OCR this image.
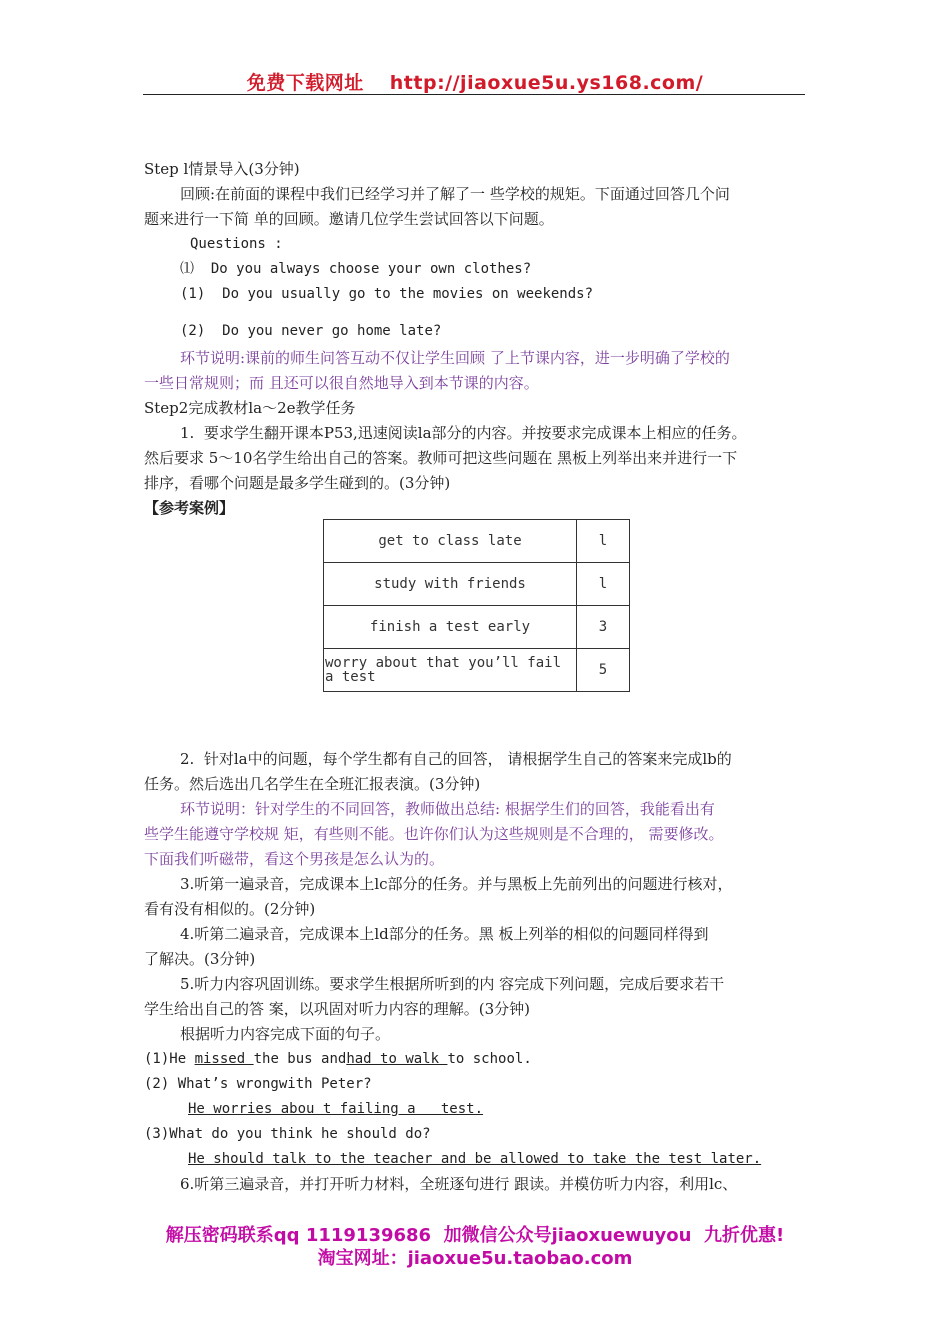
免费下载网址 http://jiaoxue5u.ys168.com/
Step l情景导入(3分钟)
回顾:在前面的课程中我们已经学习并了解了一 些学校的规矩。下面通过回答几个问
题来进行一下简 单的回顾。邀请几位学生尝试回答以下问题。
Questions :
⑴ Do you always choose your own clothes?
(1) Do you usually go to the movies on weekends?
(2) Do you never go home late?
环节说明:课前的师生问答互动不仅让学生回顾 了上节课内容，进一步明确了学校的
一些日常规则；而 且还可以很自然地导入到本节课的内容。
Step2完成教材la〜2e教学任务
1. 要求学生翻开课本P53,迅速阅读la部分的内容。并按要求完成课本上相应的任务。
然后要求 5〜10名学生给出自己的答案。教师可把这些问题在 黑板上列举出来并进行一下
排序，看哪个问题是最多学生碰到的。(3分钟)
【参考案例】
get to class late	l
study with friends	l
finish a test early	3
worry about that you’ll fail a test	5
2. 针对la中的问题，每个学生都有自己的回答， 请根据学生自己的答案来完成lb的
任务。然后选出几名学生在全班汇报表演。(3分钟)
环节说明：针对学生的不同回答，教师做出总结: 根据学生们的回答，我能看出有
些学生能遵守学校规 矩，有些则不能。也许你们认为这些规则是不合理的， 需要修改。
下面我们听磁带，看这个男孩是怎么认为的。
3.听第一遍录音，完成课本上lc部分的任务。并与黑板上先前列出的问题进行核对，
看有没有相似的。(2分钟)
4.听第二遍录音，完成课本上ld部分的任务。黑 板上列举的相似的问题同样得到
了解决。(3分钟)
5.听力内容巩固训练。要求学生根据所听到的内 容完成下列问题，完成后要求若干
学生给出自己的答 案，以巩固对听力内容的理解。(3分钟)
根据听力内容完成下面的句子。
(1)He missed the bus andhad to walk to school.
(2) What’s wrongwith Peter?
He worries abou t failing a   test.
(3)What do you think he should do?
He should talk to the teacher and be allowed to take the test later.
6.听第三遍录音，并打开听力材料，全班逐句进行 跟读。并模仿听力内容，利用lc、
解压密码联系qq 1119139686  加微信公众号jiaoxuewuyou  九折优惠!
淘宝网址：jiaoxue5u.taobao.com
